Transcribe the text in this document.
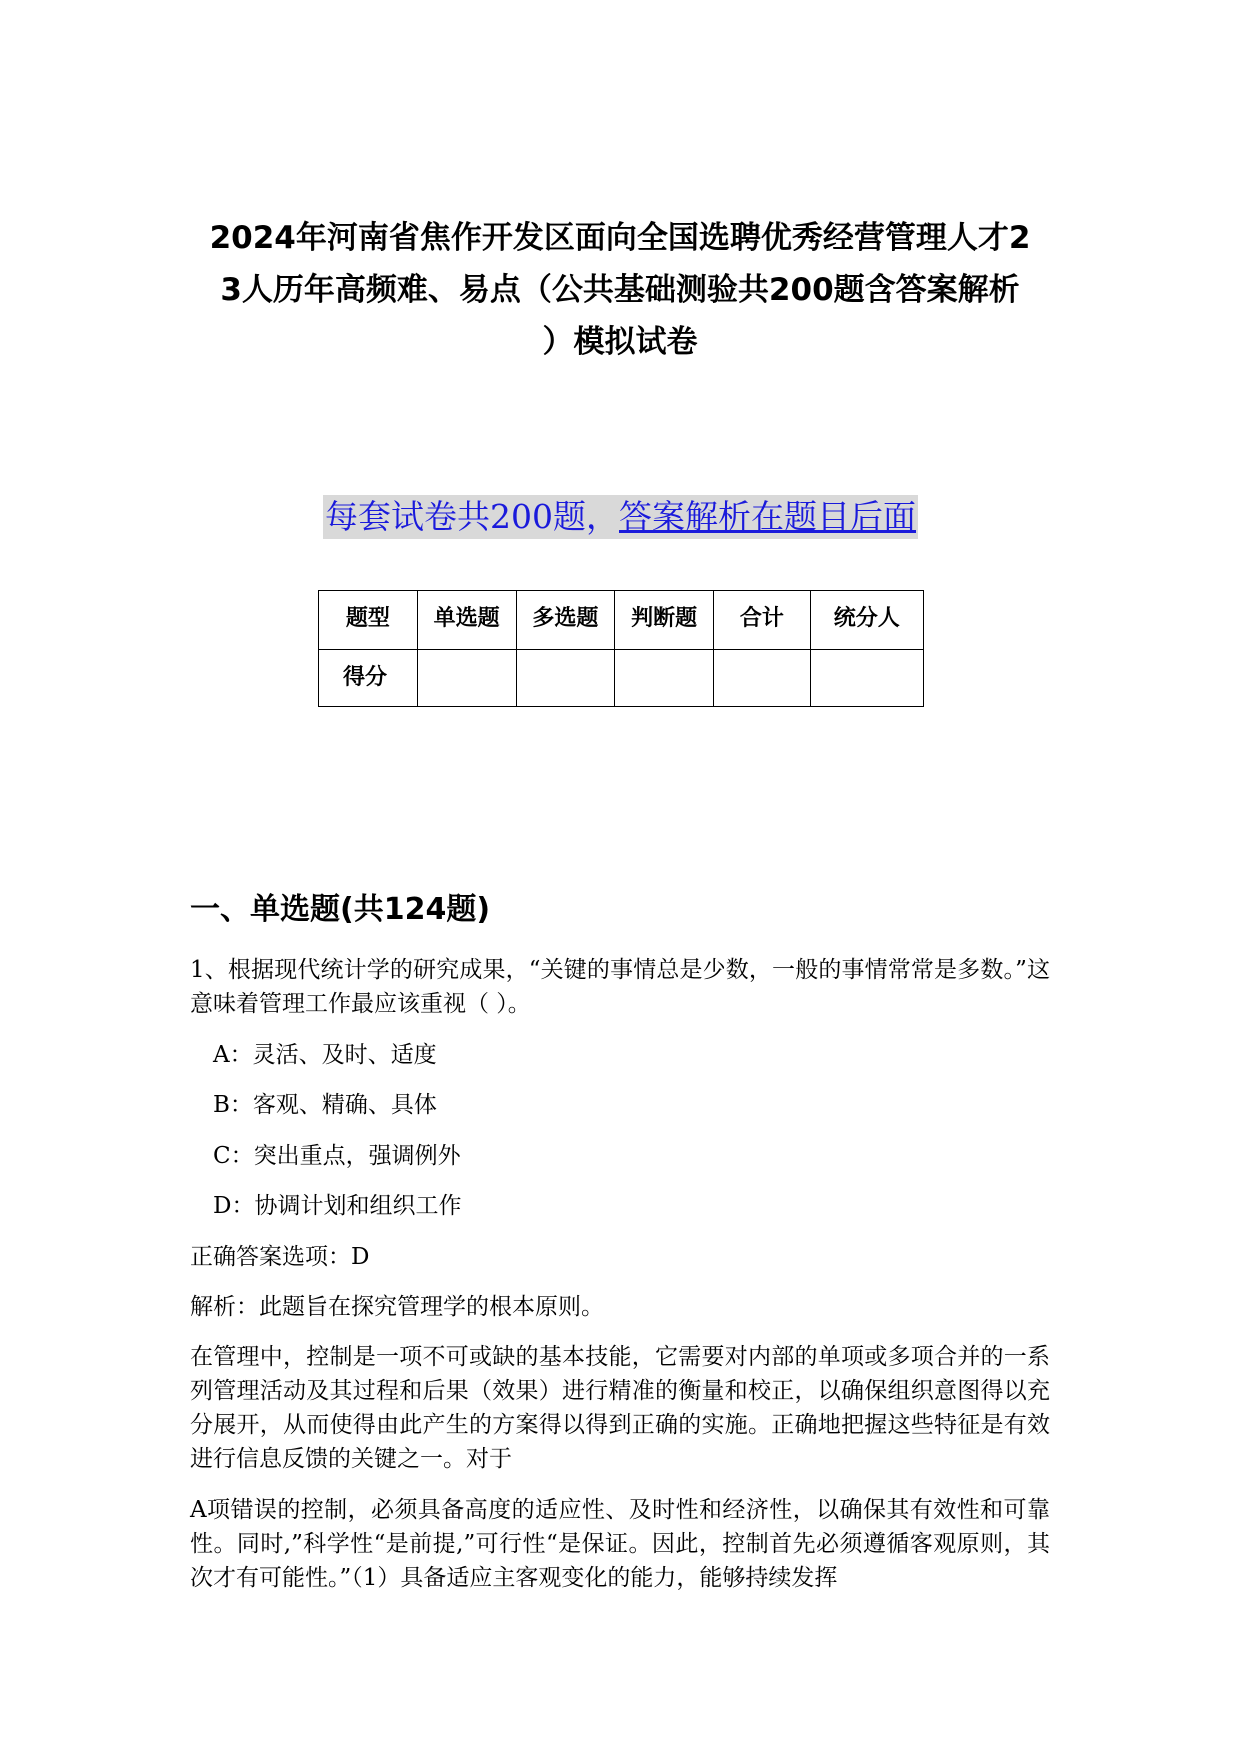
2024年河南省焦作开发区面向全国选聘优秀经营管理人才2
3人历年高频难、易点（公共基础测验共200题含答案解析
）模拟试卷
每套试卷共200题，答案解析在题目后面
题型	单选题	多选题	判断题	合计	统分人
得分					
一、单选题(共124题)

1、根据现代统计学的研究成果，“关键的事情总是少数，一般的事情常常是多数。”这意味着管理工作最应该重视（ ）。

A：灵活、及时、适度

B：客观、精确、具体

C：突出重点，强调例外

D：协调计划和组织工作

正确答案选项：D

解析：此题旨在探究管理学的根本原则。

在管理中，控制是一项不可或缺的基本技能，它需要对内部的单项或多项合并的一系列管理活动及其过程和后果（效果）进行精准的衡量和校正，以确保组织意图得以充分展开，从而使得由此产生的方案得以得到正确的实施。正确地把握这些特征是有效进行信息反馈的关键之一。对于

A项错误的控制，必须具备高度的适应性、及时性和经济性，以确保其有效性和可靠性。同时,”科学性“是前提,”可行性“是保证。因此，控制首先必须遵循客观原则，其次才有可能性。”（1）具备适应主客观变化的能力，能够持续发挥
